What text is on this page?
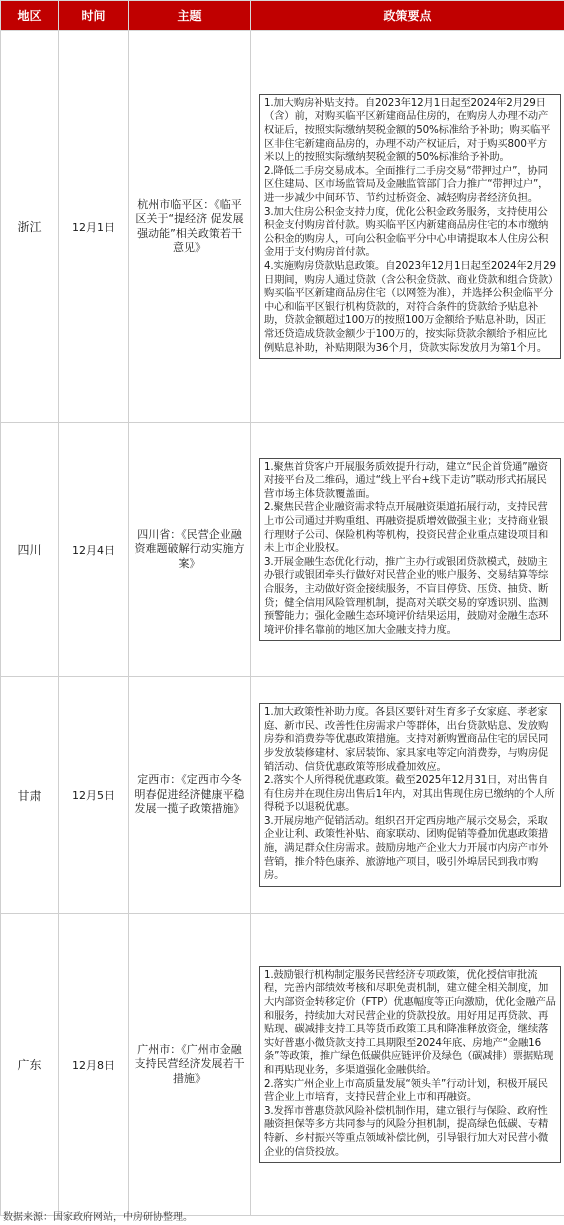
地区	时间	主题	政策要点
浙江	12月1日	杭州市临平区：《临平区关于“提经济 促发展 强动能”相关政策若干意见》	1.加大购房补贴支持。自2023年12月1日起至2024年2月29日（含）前，对购买临平区新建商品住房的，在购房人办理不动产权证后，按照实际缴纳契税金额的50%标准给予补助；购买临平区非住宅新建商品房的，办理不动产权证后，对于购买800平方米以上的按照实际缴纳契税金额的50%标准给予补助。

2.降低二手房交易成本。全面推行二手房交易“带押过户”，协同区住建局、区市场监管局及金融监管部门合力推广“带押过户”，进一步减少中间环节、节约过桥资金、减轻购房者经济负担。

3.加大住房公积金支持力度，优化公积金政务服务，支持使用公积金支付购房首付款。购买临平区内新建商品房住宅的本市缴纳公积金的购房人，可向公积金临平分中心申请提取本人住房公积金用于支付购房首付款。

4.实施购房贷款贴息政策。自2023年12月1日起至2024年2月29日期间，购房人通过贷款（含公积金贷款、商业贷款和组合贷款）购买临平区新建商品房住宅（以网签为准），并选择公积金临平分中心和临平区银行机构贷款的，对符合条件的贷款给予贴息补助，贷款金额超过100万的按照100万金额给予贴息补助，因正常还贷造成贷款金额少于100万的，按实际贷款余额给予相应比例贴息补助，补贴期限为36个月，贷款实际发放月为第1个月。

四川	12月4日	四川省：《民营企业融资难题破解行动实施方案》	1.聚焦首贷客户开展服务质效提升行动，建立“民企首贷通”融资对接平台及二维码，通过“线上平台+线下走访”联动形式拓展民营市场主体贷款覆盖面。

2.聚焦民营企业融资需求特点开展融资渠道拓展行动，支持民营上市公司通过并购重组、再融资提质增效做强主业；支持商业银行理财子公司、保险机构等机构，投资民营企业重点建设项目和未上市企业股权。

3.开展金融生态优化行动，推广主办行或银团贷款模式，鼓励主办银行或银团牵头行做好对民营企业的账户服务、交易结算等综合服务，主动做好资金接续服务，不盲目停贷、压贷、抽贷、断贷；健全信用风险管理机制，提高对关联交易的穿透识别、监测预警能力；强化金融生态环境评价结果运用，鼓励对金融生态环境评价排名靠前的地区加大金融支持力度。

甘肃	12月5日	定西市：《定西市今冬明春促进经济健康平稳发展一揽子政策措施》	1.加大政策性补助力度。各县区要针对生育多子女家庭、孝老家庭、新市民、改善性住房需求户等群体，出台贷款贴息、发放购房券和消费券等优惠政策措施。支持对新购置商品住宅的居民同步发放装修建材、家居装饰、家具家电等定向消费券，与购房促销活动、信贷优惠政策等形成叠加效应。

2.落实个人所得税优惠政策。截至2025年12月31日，对出售自有住房并在现住房出售后1年内，对其出售现住房已缴纳的个人所得税予以退税优惠。

3.开展房地产促销活动。组织召开定西房地产展示交易会，采取企业让利、政策性补贴、商家联动、团购促销等叠加优惠政策措施，满足群众住房需求。鼓励房地产企业大力开展市内房产市外营销，推介特色康养、旅游地产项目，吸引外埠居民到我市购房。

广东	12月8日	广州市：《广州市金融支持民营经济发展若干措施》	1.鼓励银行机构制定服务民营经济专项政策，优化授信审批流程，完善内部绩效考核和尽职免责机制，建立健全相关制度，加大内部资金转移定价（FTP）优惠幅度等正向激励，优化金融产品和服务，持续加大对民营企业的贷款投放。用好用足再贷款、再贴现、碳减排支持工具等货币政策工具和降准释放资金，继续落实好普惠小微贷款支持工具期限至2024年底、房地产“金融16条”等政策，推广绿色低碳供应链评价及绿色（碳减排）票据贴现和再贴现业务，多渠道强化金融供给。

2.落实广州企业上市高质量发展“领头羊”行动计划，积极开展民营企业上市培育，支持民营企业上市和再融资。

3.发挥市普惠贷款风险补偿机制作用，建立银行与保险、政府性融资担保等多方共同参与的风险分担机制，提高绿色低碳、专精特新、乡村振兴等重点领域补偿比例，引导银行加大对民营小微企业的信贷投放。

数据来源：国家政府网站，中房研协整理。
